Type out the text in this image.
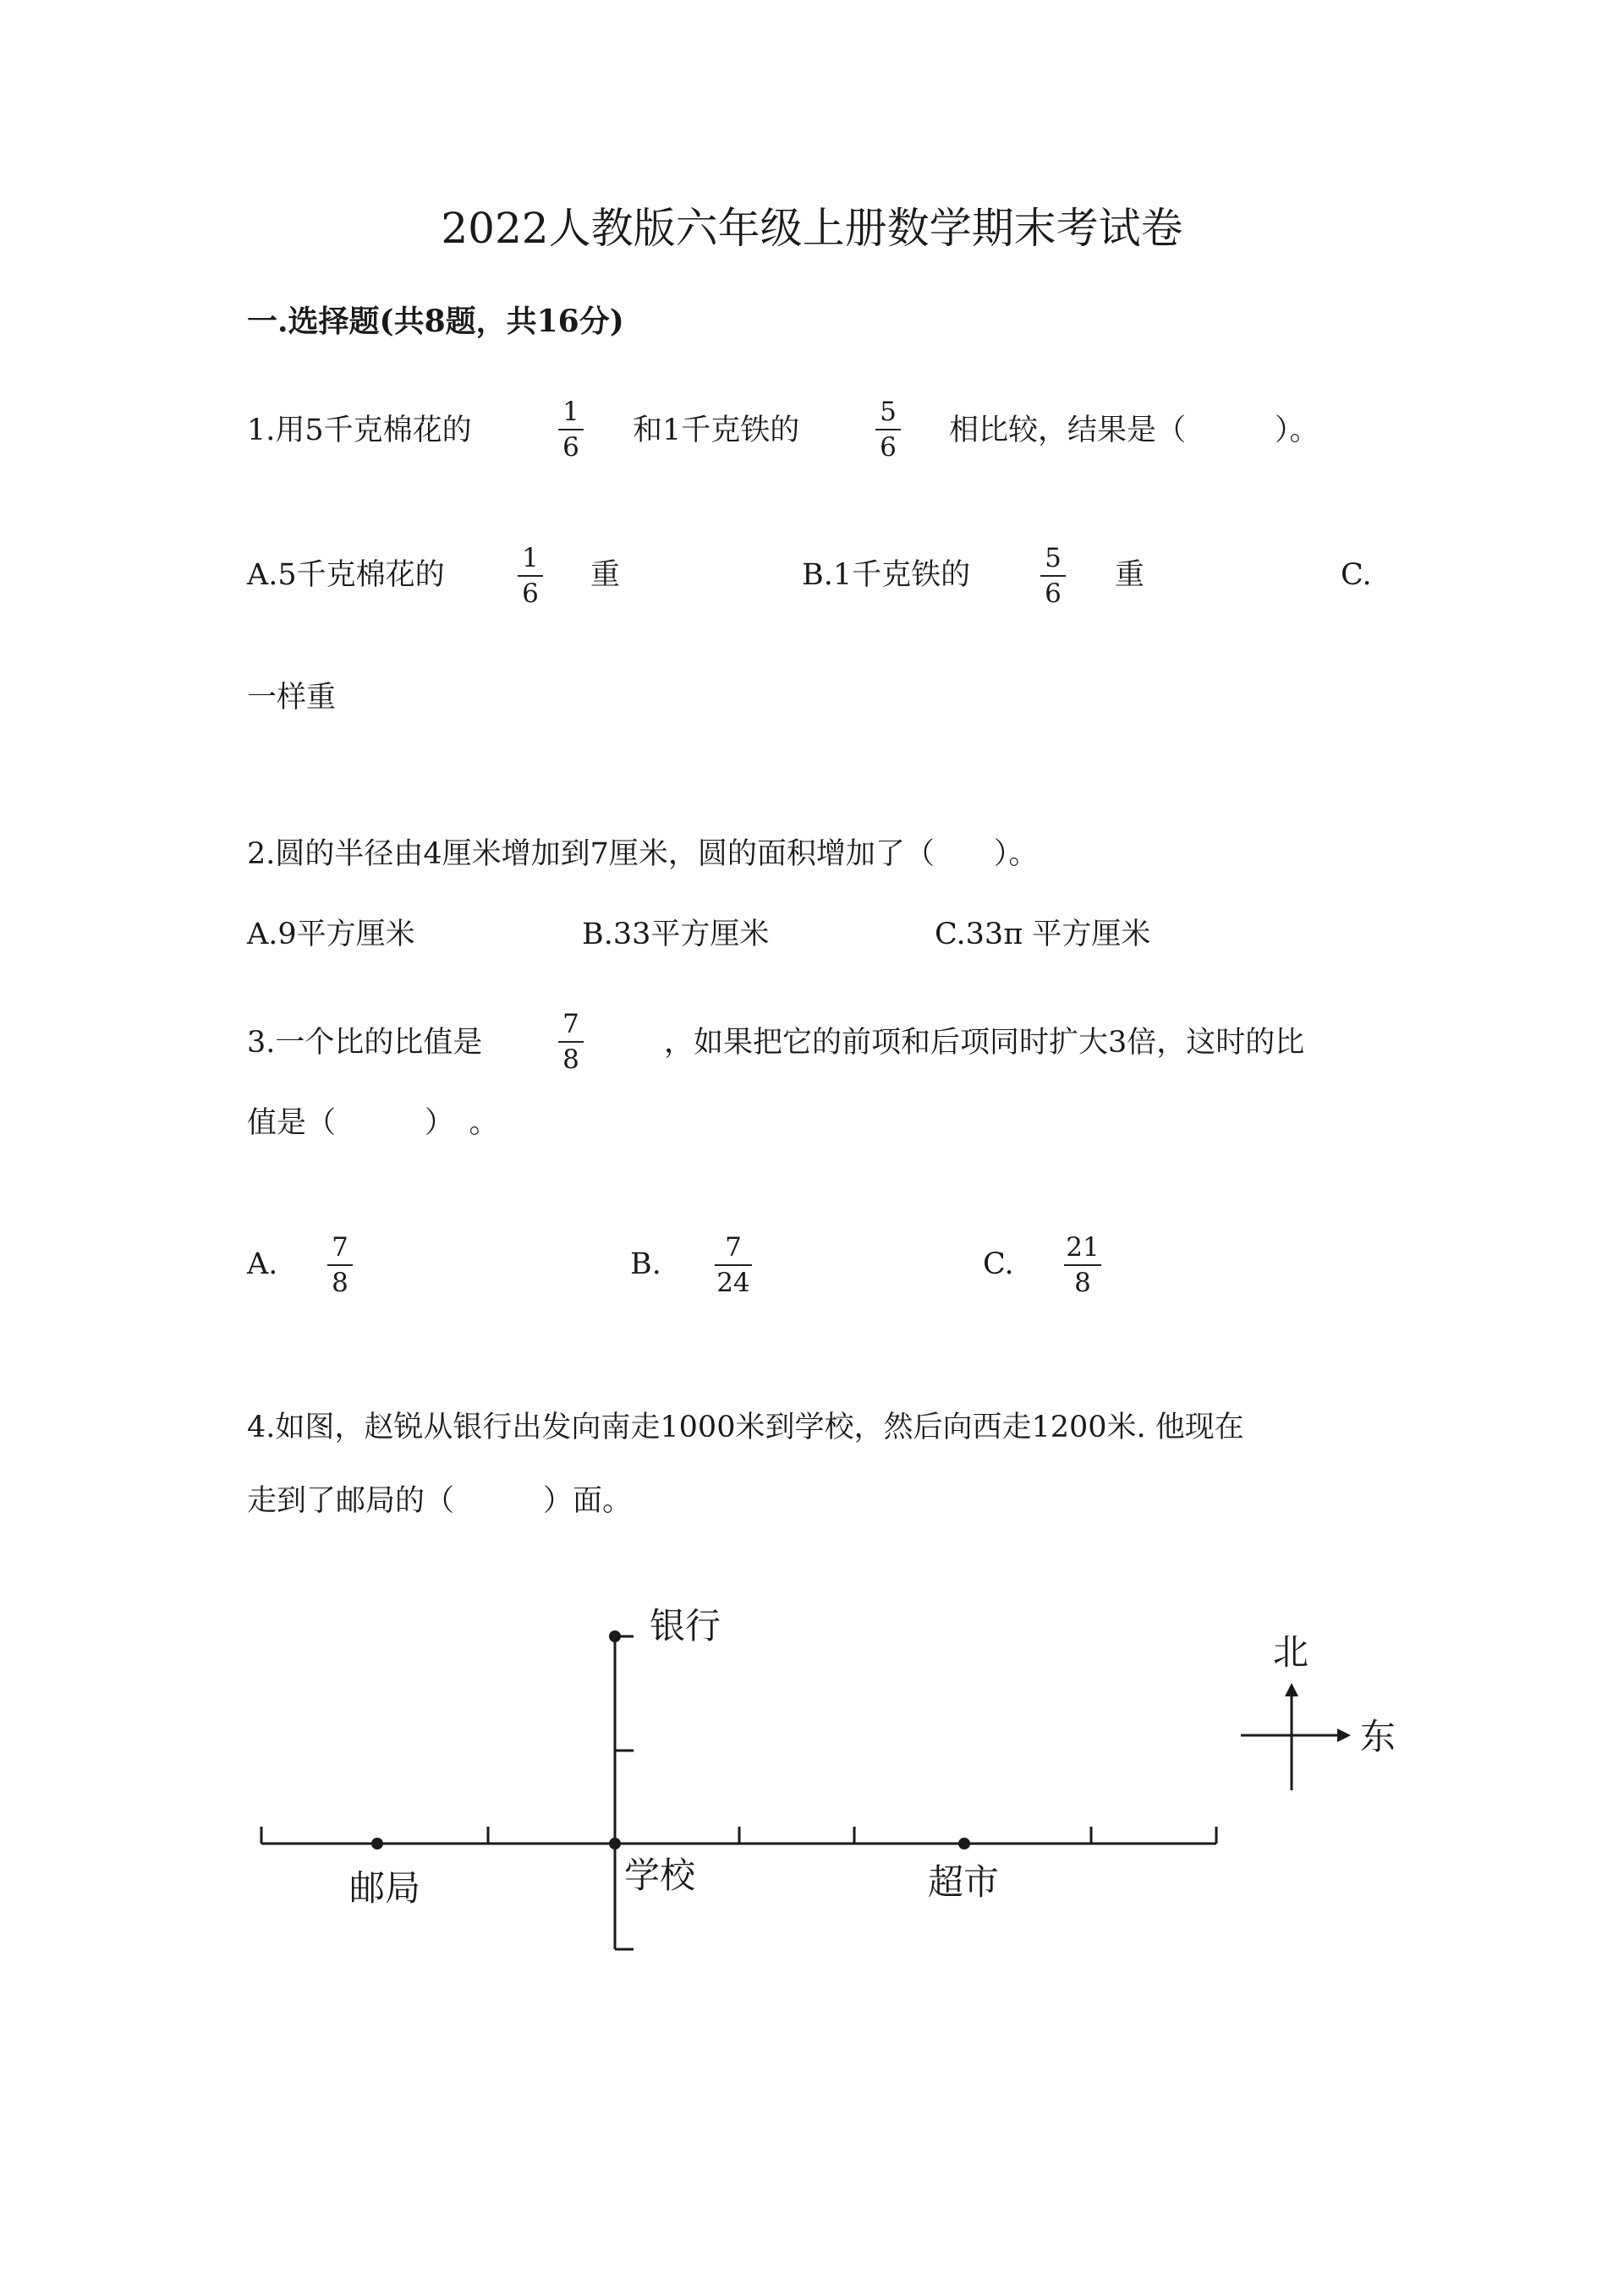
2022人教版六年级上册数学期末考试卷
一.选择题(共8题，共16分)
1.用5千克棉花的
1
6 和1千克铁的
5
6 相比较，结果是（　　　）。
A.5千克棉花的	1
6
重	B.1千克铁的	5
6
重	C.
一样重
2.圆的半径由4厘米增加到7厘米，圆的面积增加了（　　）。
A.9平方厘米	B.33平方厘米	C.33π 平方厘米
3.一个比的比值是
7
8	，如果把它的前项和后项同时扩大3倍，这时的比
值是（　　　）　。
A. 7
8
B. 7
24
C. 21
8
4.如图，赵锐从银行出发向南走1000米到学校，然后向西走1200米. 他现在
走到了邮局的（　　　）面。
银行
学校
邮局	超市
北
东
